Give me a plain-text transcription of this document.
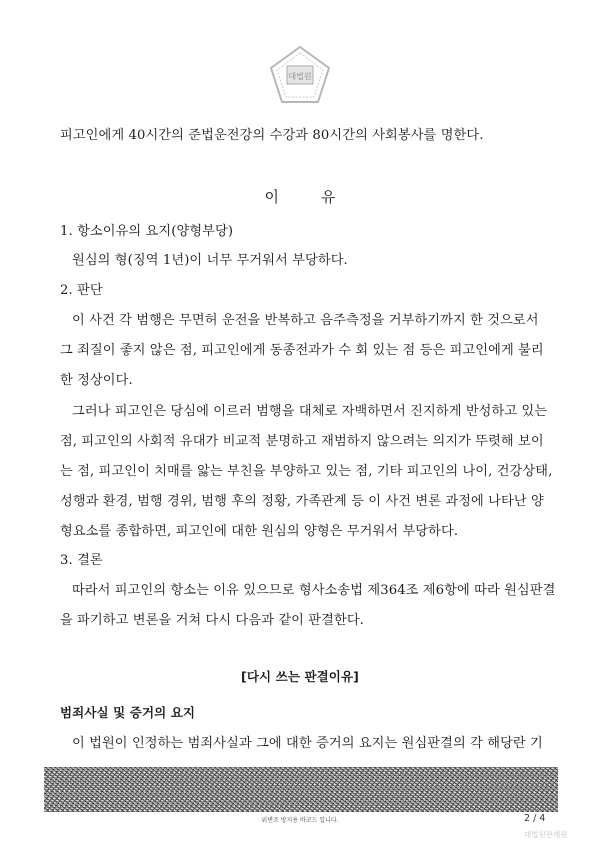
대법원
피고인에게 40시간의 준법운전강의 수강과 80시간의 사회봉사를 명한다.
이	유
1. 항소이유의 요지(양형부당)
원심의 형(징역 1년)이 너무 무거워서 부당하다.
2. 판단
이 사건 각 범행은 무면허 운전을 반복하고 음주측정을 거부하기까지 한 것으로서
그 죄질이 좋지 않은 점, 피고인에게 동종전과가 수 회 있는 점 등은 피고인에게 불리
한 정상이다.
그러나 피고인은 당심에 이르러 범행을 대체로 자백하면서 진지하게 반성하고 있는
점, 피고인의 사회적 유대가 비교적 분명하고 재범하지 않으려는 의지가 뚜렷해 보이
는 점, 피고인이 치매를 앓는 부친을 부양하고 있는 점, 기타 피고인의 나이, 건강상태,
성행과 환경, 범행 경위, 범행 후의 정황, 가족관계 등 이 사건 변론 과정에 나타난 양
형요소를 종합하면, 피고인에 대한 원심의 양형은 무거워서 부당하다.
3. 결론
따라서 피고인의 항소는 이유 있으므로 형사소송법 제364조 제6항에 따라 원심판결
을 파기하고 변론을 거쳐 다시 다음과 같이 판결한다.
[다시 쓰는 판결이유]
범죄사실 및 증거의 요지
이 법원이 인정하는 범죄사실과 그에 대한 증거의 요지는 원심판결의 각 해당란 기
위변조 방지용 바코드 입니다.	2 / 4
대법원판례원
